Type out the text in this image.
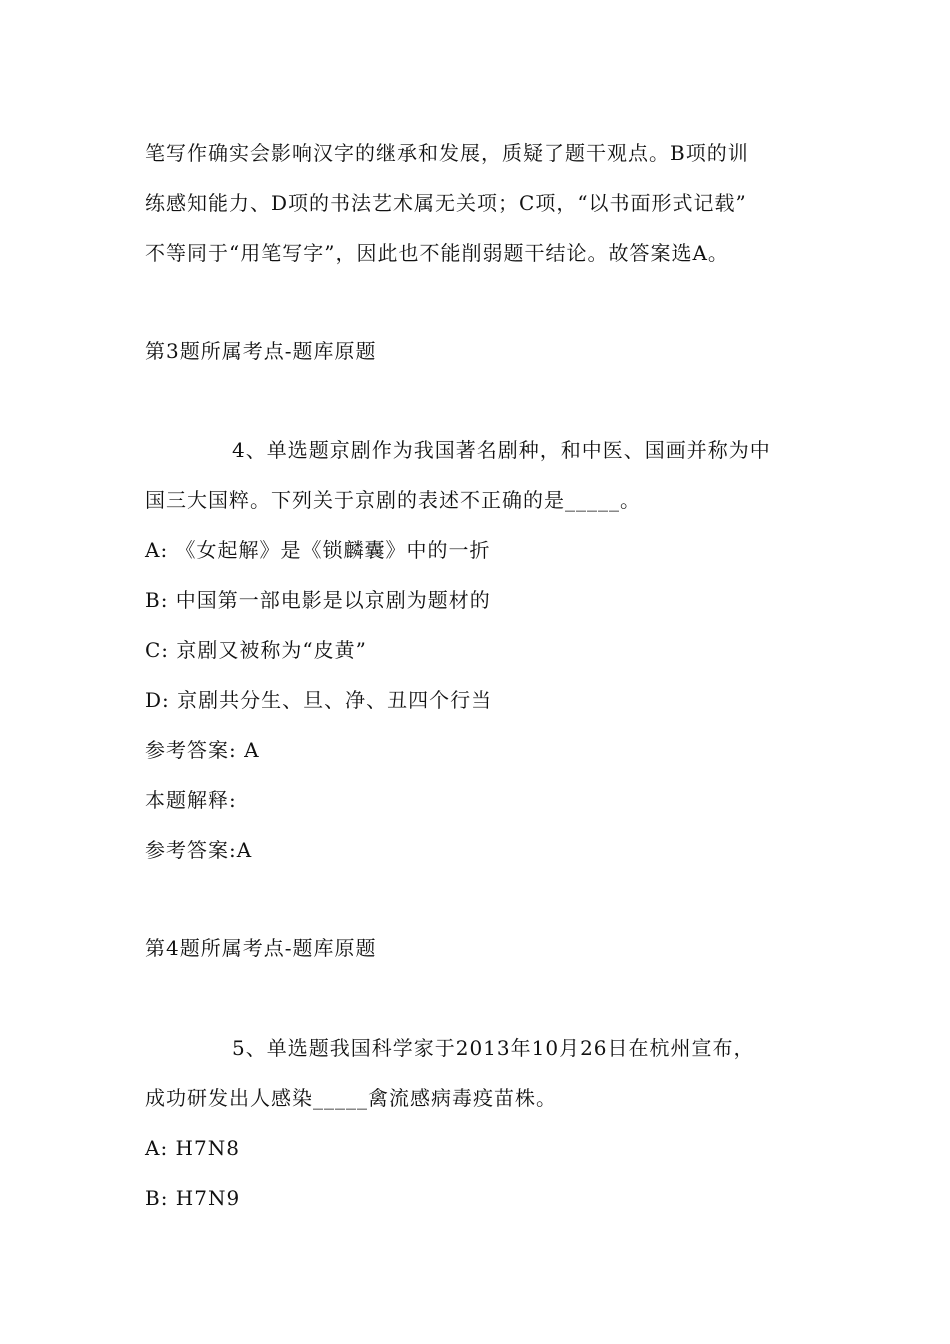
笔写作确实会影响汉字的继承和发展，质疑了题干观点。B项的训
练感知能力、D项的书法艺术属无关项；C项，“以书面形式记载”
不等同于“用笔写字”，因此也不能削弱题干结论。故答案选A。
第3题所属考点-题库原题
4、单选题京剧作为我国著名剧种，和中医、国画并称为中
国三大国粹。下列关于京剧的表述不正确的是_____。
A: 《女起解》是《锁麟囊》中的一折
B: 中国第一部电影是以京剧为题材的
C: 京剧又被称为“皮黄”
D: 京剧共分生、旦、净、丑四个行当
参考答案: A
本题解释:
参考答案:A
第4题所属考点-题库原题
5、单选题我国科学家于2013年10月26日在杭州宣布，
成功研发出人感染_____禽流感病毒疫苗株。
A: H7N8
B: H7N9
